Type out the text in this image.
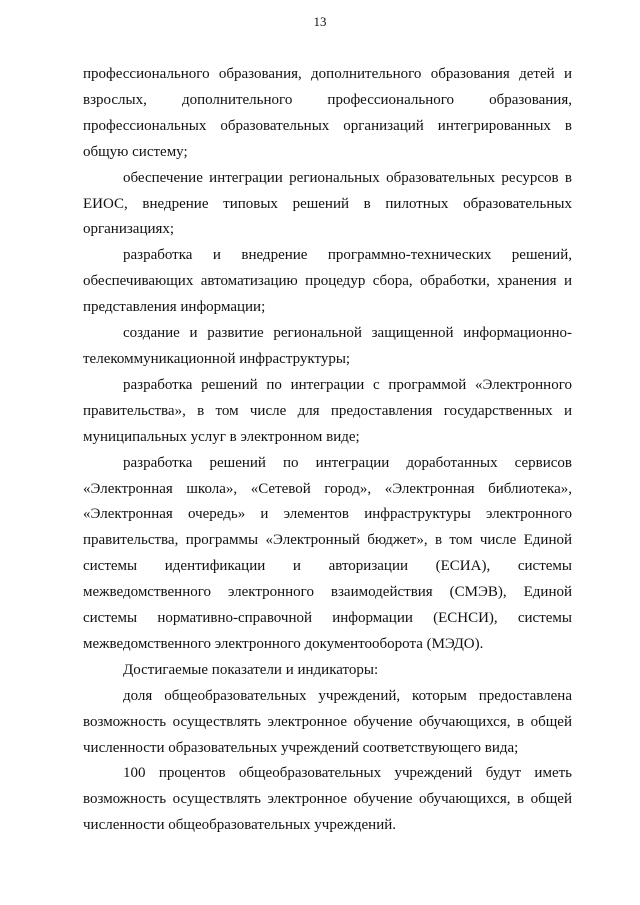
13

профессионального образования, дополнительного образования детей и взрослых, дополнительного профессионального образования, профессиональных образовательных организаций интегрированных в общую систему;

обеспечение интеграции региональных образовательных ресурсов в ЕИОС, внедрение типовых решений в пилотных образовательных организациях;

разработка и внедрение программно-технических решений, обеспечивающих автоматизацию процедур сбора, обработки, хранения и представления информации;

создание и развитие региональной защищенной информационно-телекоммуникационной инфраструктуры;

разработка решений по интеграции с программой «Электронного правительства», в том числе для предоставления государственных и муниципальных услуг в электронном виде;

разработка решений по интеграции доработанных сервисов «Электронная школа», «Сетевой город», «Электронная библиотека», «Электронная очередь» и элементов инфраструктуры электронного правительства, программы «Электронный бюджет», в том числе Единой системы идентификации и авторизации (ЕСИА), системы межведомственного электронного взаимодействия (СМЭВ), Единой системы нормативно-справочной информации (ЕСНСИ), системы межведомственного электронного документооборота (МЭДО).

Достигаемые показатели и индикаторы:

доля общеобразовательных учреждений, которым предоставлена возможность осуществлять электронное обучение обучающихся, в общей численности образовательных учреждений соответствующего вида;

100 процентов общеобразовательных учреждений будут иметь возможность осуществлять электронное обучение обучающихся, в общей численности общеобразовательных учреждений.
